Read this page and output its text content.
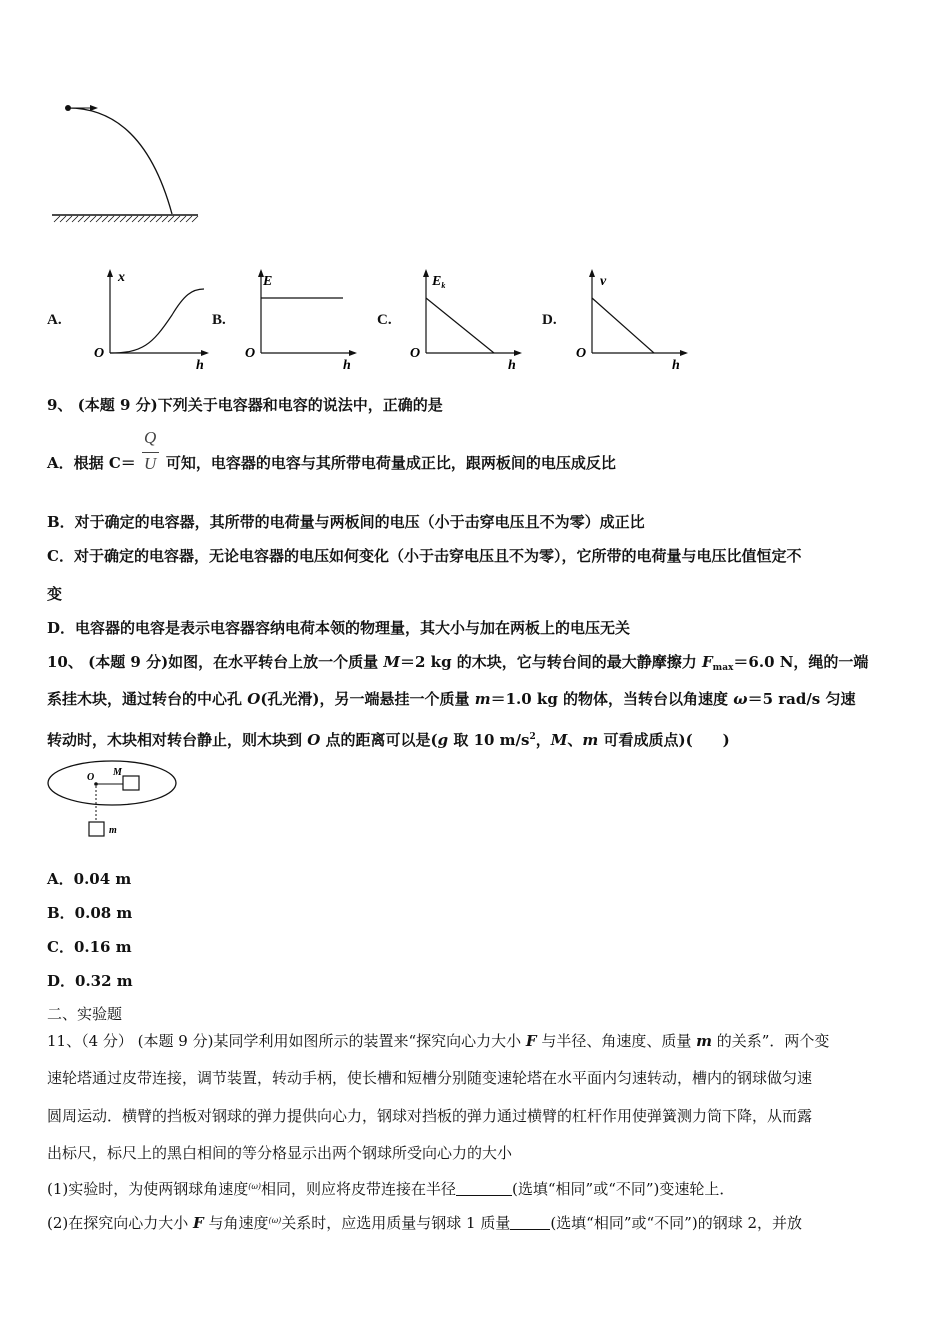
A.
x
h
O
B.
E
h
O
C.
$E_k$
h
O
D.
v
h
O
9、 (本题 9 分)下列关于电容器和电容的说法中，正确的是
Q
U
A．根据 C＝ 可知，电容器的电容与其所带电荷量成正比，跟两板间的电压成反比
B．对于确定的电容器，其所带的电荷量与两板间的电压（小于击穿电压且不为零）成正比
C．对于确定的电容器，无论电容器的电压如何变化（小于击穿电压且不为零），它所带的电荷量与电压比值恒定不
变
D．电容器的电容是表示电容器容纳电荷本领的物理量，其大小与加在两板上的电压无关
10、 (本题 9 分)如图，在水平转台上放一个质量 M＝2 kg 的木块，它与转台间的最大静摩擦力 $F_{max}=6.0$ N，绳的一端
系挂木块，通过转台的中心孔 O(孔光滑)，另一端悬挂一个质量 m＝1.0 kg 的物体，当转台以角速度 ω＝5 rad/s 匀速
转动时，木块相对转台静止，则木块到 O 点的距离可以是(g 取 10 $m/s^2$，M、m 可看成质点)(　　)
O M
m
A．0.04 m
B．0.08 m
C．0.16 m
D．0.32 m
二、实验题
11、（4 分） (本题 9 分)某同学利用如图所示的装置来“探究向心力大小 F 与半径、角速度、质量 m 的关系”．两个变
速轮塔通过皮带连接，调节装置，转动手柄，使长槽和短槽分别随变速轮塔在水平面内匀速转动，槽内的钢球做匀速
圆周运动．横臂的挡板对钢球的弹力提供向心力，钢球对挡板的弹力通过横臂的杠杆作用使弹簧测力筒下降，从而露
出标尺，标尺上的黑白相间的等分格显示出两个钢球所受向心力的大小
(1)实验时，为使两钢球角速度$^{(\omega)}$相同，则应将皮带连接在半径	(选填“相同”或“不同”)变速轮上．
(2)在探究向心力大小 F 与角速度$^{(\omega)}$关系时，应选用质量与钢球 1 质量	(选填“相同”或“不同”)的钢球 2，并放
